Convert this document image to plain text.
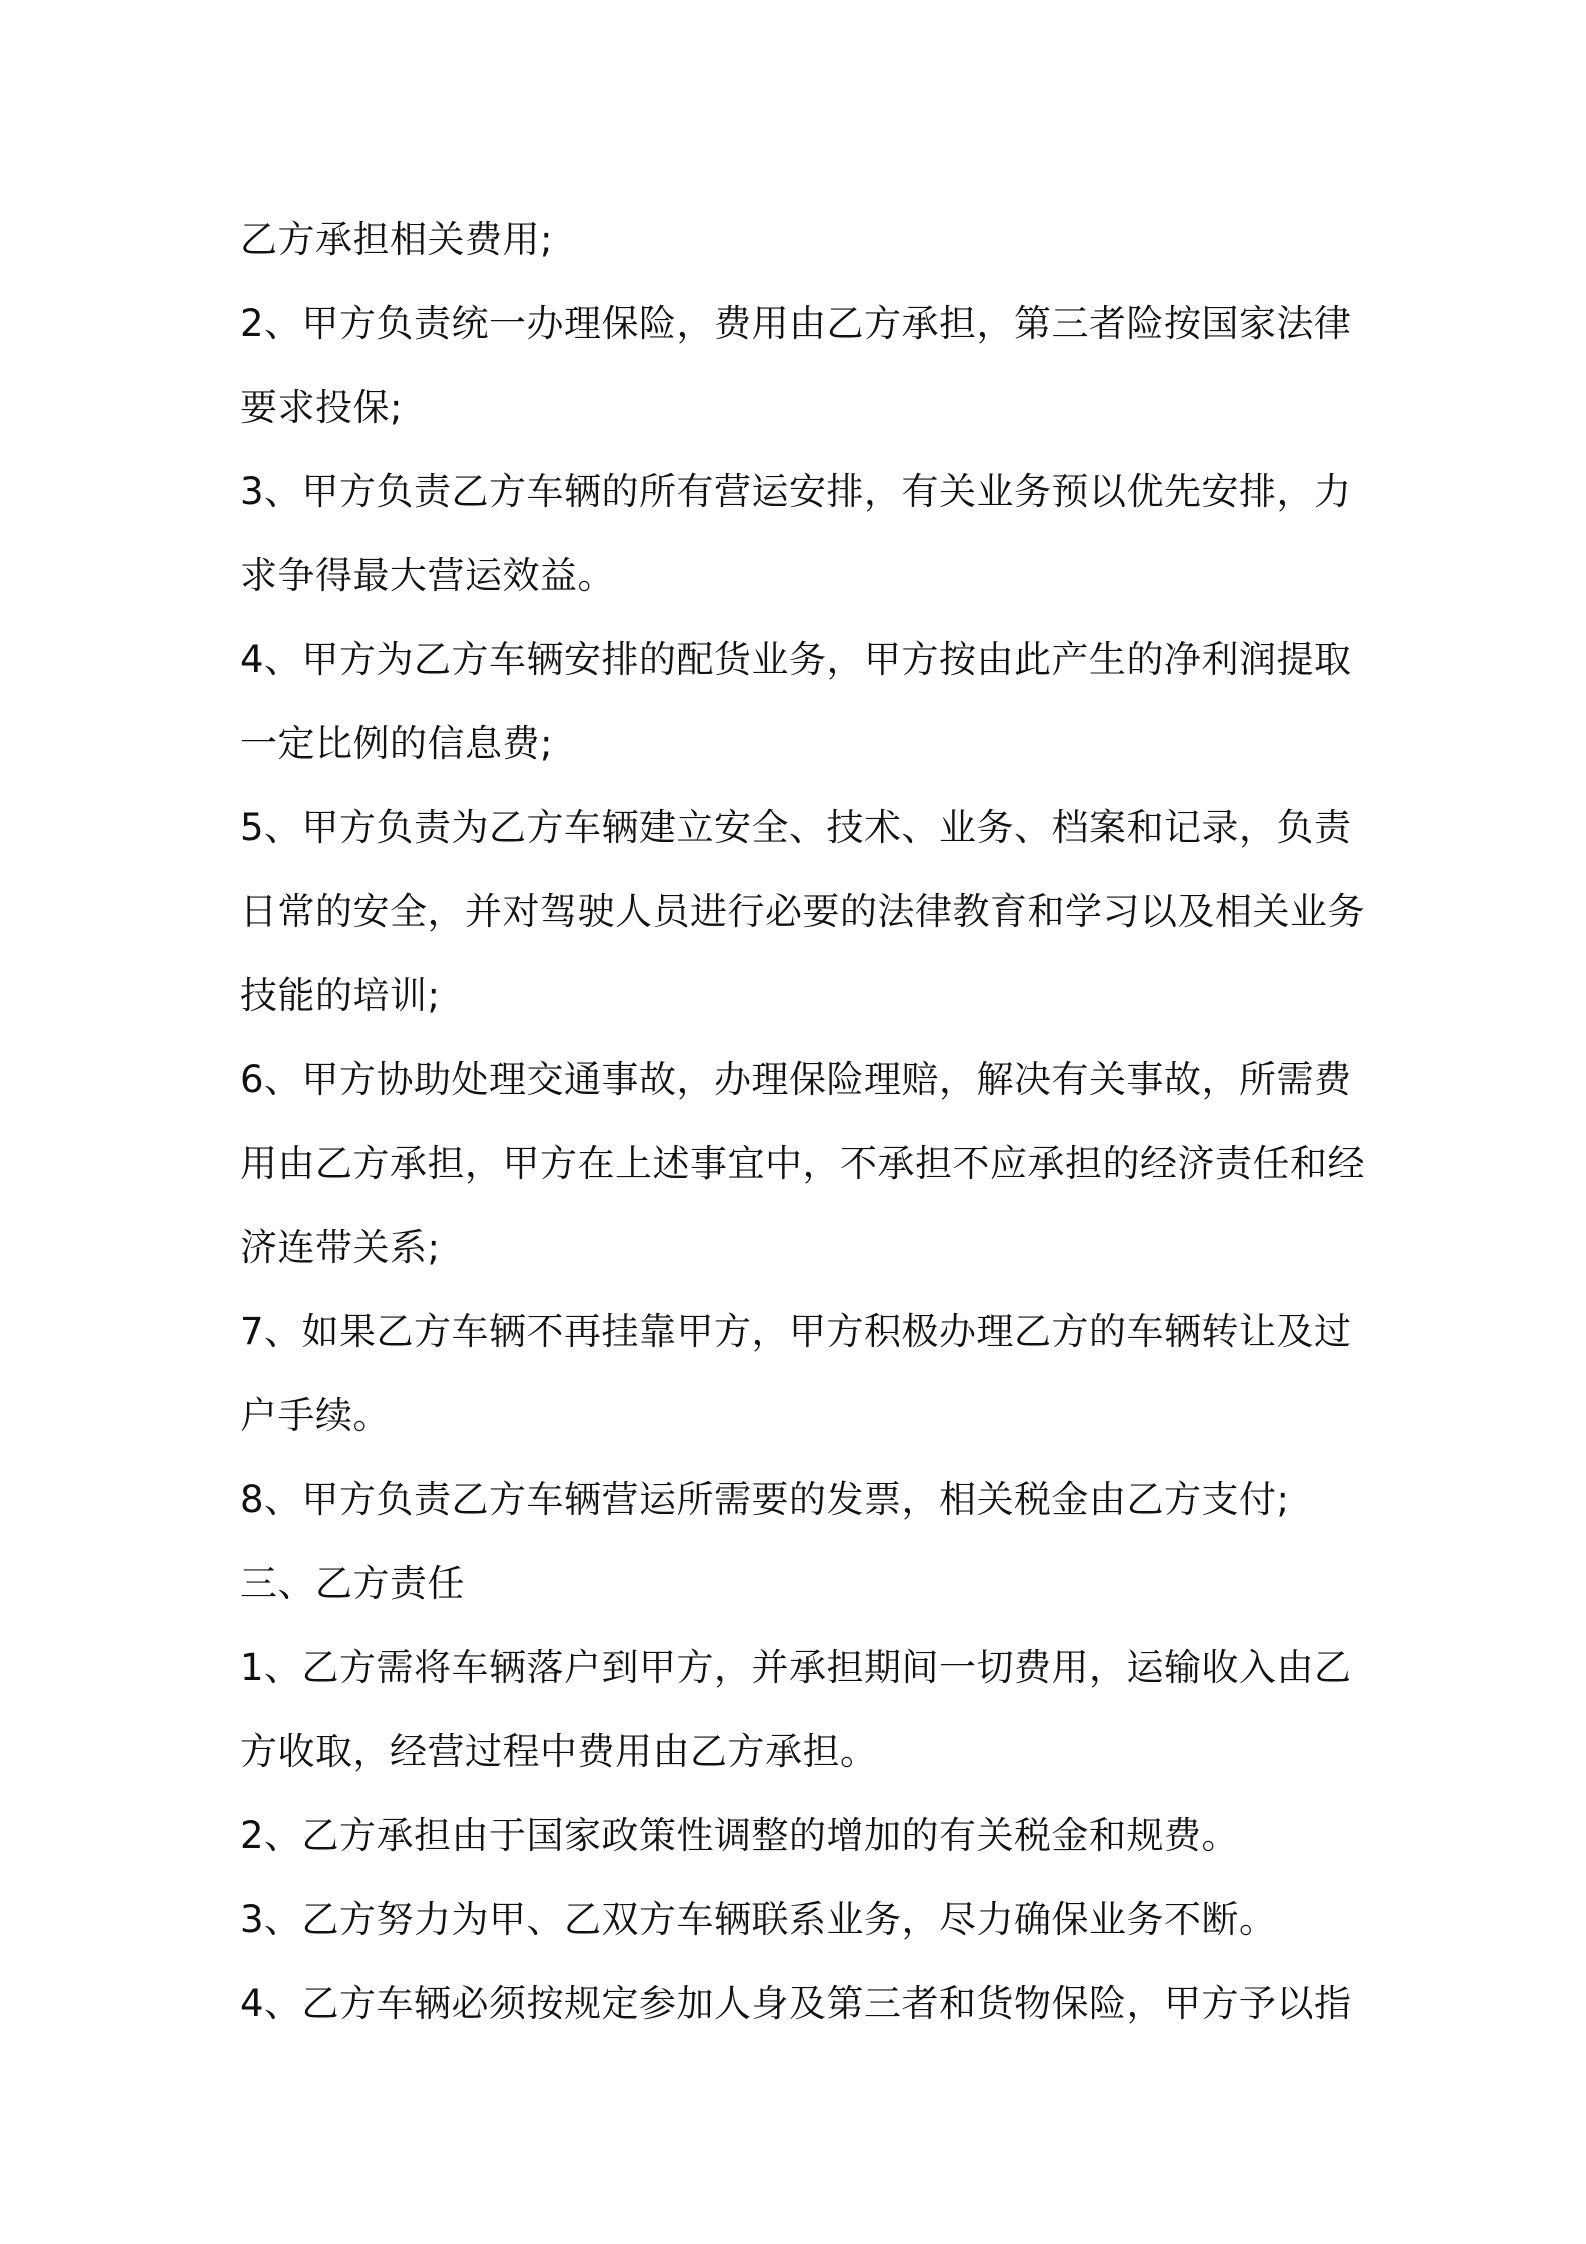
乙方承担相关费用;
2、甲方负责统一办理保险，费用由乙方承担，第三者险按国家法律
要求投保;
3、甲方负责乙方车辆的所有营运安排，有关业务预以优先安排，力
求争得最大营运效益。
4、甲方为乙方车辆安排的配货业务，甲方按由此产生的净利润提取
一定比例的信息费;
5、甲方负责为乙方车辆建立安全、技术、业务、档案和记录，负责
日常的安全，并对驾驶人员进行必要的法律教育和学习以及相关业务
技能的培训;
6、甲方协助处理交通事故，办理保险理赔，解决有关事故，所需费
用由乙方承担，甲方在上述事宜中，不承担不应承担的经济责任和经
济连带关系;
7、如果乙方车辆不再挂靠甲方，甲方积极办理乙方的车辆转让及过
户手续。
8、甲方负责乙方车辆营运所需要的发票，相关税金由乙方支付;
三、乙方责任
1、乙方需将车辆落户到甲方，并承担期间一切费用，运输收入由乙
方收取，经营过程中费用由乙方承担。
2、乙方承担由于国家政策性调整的增加的有关税金和规费。
3、乙方努力为甲、乙双方车辆联系业务，尽力确保业务不断。
4、乙方车辆必须按规定参加人身及第三者和货物保险，甲方予以指
